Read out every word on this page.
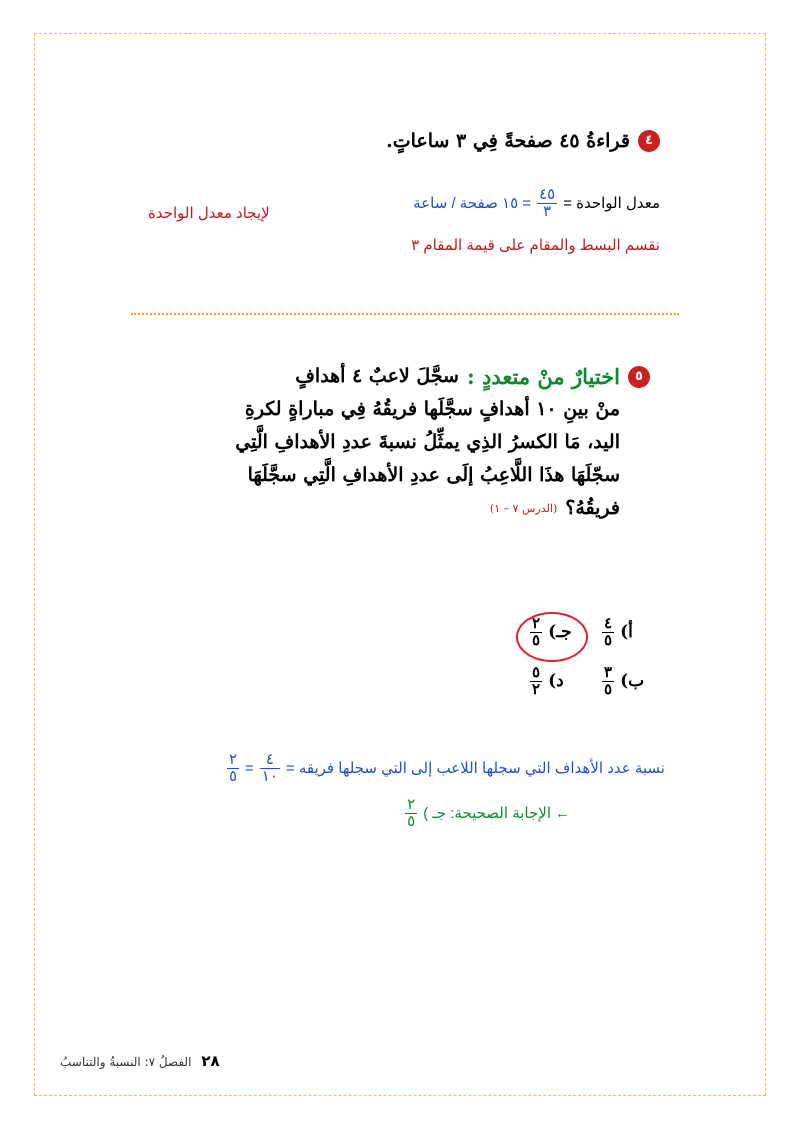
٤
قراءةُ ٤٥ صفحةً فِي ٣ ساعاتٍ.
معدل الواحدة =
$\frac{٤٥}{٣}$
= ١٥ صفحة / ساعة
لإيجاد معدل الواحدة
نقسم البسط والمقام على قيمة المقام ٣
٥
اختيارٌ منْ متعددٍ :
سجَّلَ لاعبٌ ٤ أهدافٍ
منْ بينِ ١٠ أهدافٍ سجَّلَها فريقُهُ فِي مباراةٍ لكرةِ
اليد، مَا الكسرُ الذِي يمثِّلُ نسبةَ عددِ الأهدافِ الَّتِي
سجّلَهَا هذَا اللَّاعِبُ إلَى عددِ الأهدافِ الَّتِي سجَّلَهَا
فريقُهُ؟
(الدرس ٧ – ١)
أ)
$\frac{٤}{٥}$
جـ)
$\frac{٢}{٥}$
ب)
$\frac{٣}{٥}$
د)
$\frac{٥}{٢}$
نسبة عدد الأهداف التي سجلها اللاعب إلى التي سجلها فريقه =
$\frac{٤}{١٠}$
=
$\frac{٢}{٥}$
←
الإجابة الصحيحة: جـ )
$\frac{٢}{٥}$
٢٨
الفصلُ ٧: النسبةُ والتناسبُ
